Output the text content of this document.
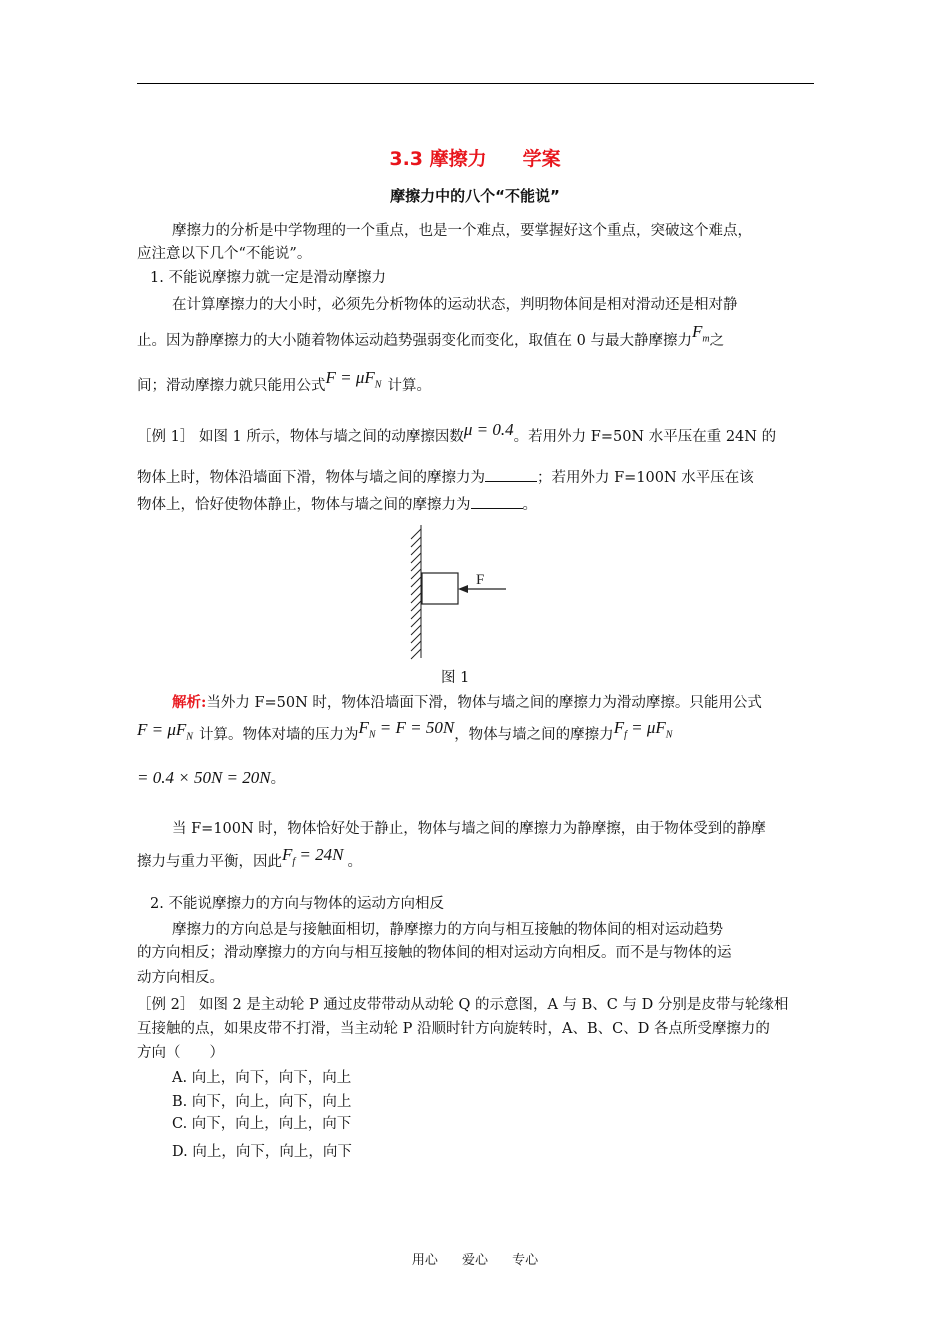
3.3 摩擦力 学案
摩擦力中的八个“不能说”
摩擦力的分析是中学物理的一个重点，也是一个难点，要掌握好这个重点，突破这个难点，
应注意以下几个“不能说”。
1. 不能说摩擦力就一定是滑动摩擦力
在计算摩擦力的大小时，必须先分析物体的运动状态，判明物体间是相对滑动还是相对静
止。因为静摩擦力的大小随着物体运动趋势强弱变化而变化，取值在 0 与最大静摩擦力$F_m$之
间；滑动摩擦力就只能用公式$F = \mu F_N$ 计算。
［例 1］ 如图 1 所示，物体与墙之间的动摩擦因数μ = 0.4。若用外力 F=50N 水平压在重 24N 的
物体上时，物体沿墙面下滑，物体与墙之间的摩擦力为	；若用外力 F=100N 水平压在该
物体上，恰好使物体静止，物体与墙之间的摩擦力为	。
F
图 1
解析:当外力 F=50N 时，物体沿墙面下滑，物体与墙之间的摩擦力为滑动摩擦。只能用公式
$F = \mu F_N$ 计算。物体对墙的压力为$F_N = F = 50N$，物体与墙之间的摩擦力$F_f = \mu F_N$
= 0.4 × 50N = 20N。
当 F=100N 时，物体恰好处于静止，物体与墙之间的摩擦力为静摩擦，由于物体受到的静摩
擦力与重力平衡，因此$F_f = 24N$ 。
2. 不能说摩擦力的方向与物体的运动方向相反
摩擦力的方向总是与接触面相切，静摩擦力的方向与相互接触的物体间的相对运动趋势
的方向相反；滑动摩擦力的方向与相互接触的物体间的相对运动方向相反。而不是与物体的运
动方向相反。
［例 2］ 如图 2 是主动轮 P 通过皮带带动从动轮 Q 的示意图，A 与 B、C 与 D 分别是皮带与轮缘相
互接触的点，如果皮带不打滑，当主动轮 P 沿顺时针方向旋转时，A、B、C、D 各点所受摩擦力的
方向（　　）
A. 向上，向下，向下，向上
B. 向下，向上，向下，向上
C. 向下，向上，向上，向下
D. 向上，向下，向上，向下
用心 爱心 专心
